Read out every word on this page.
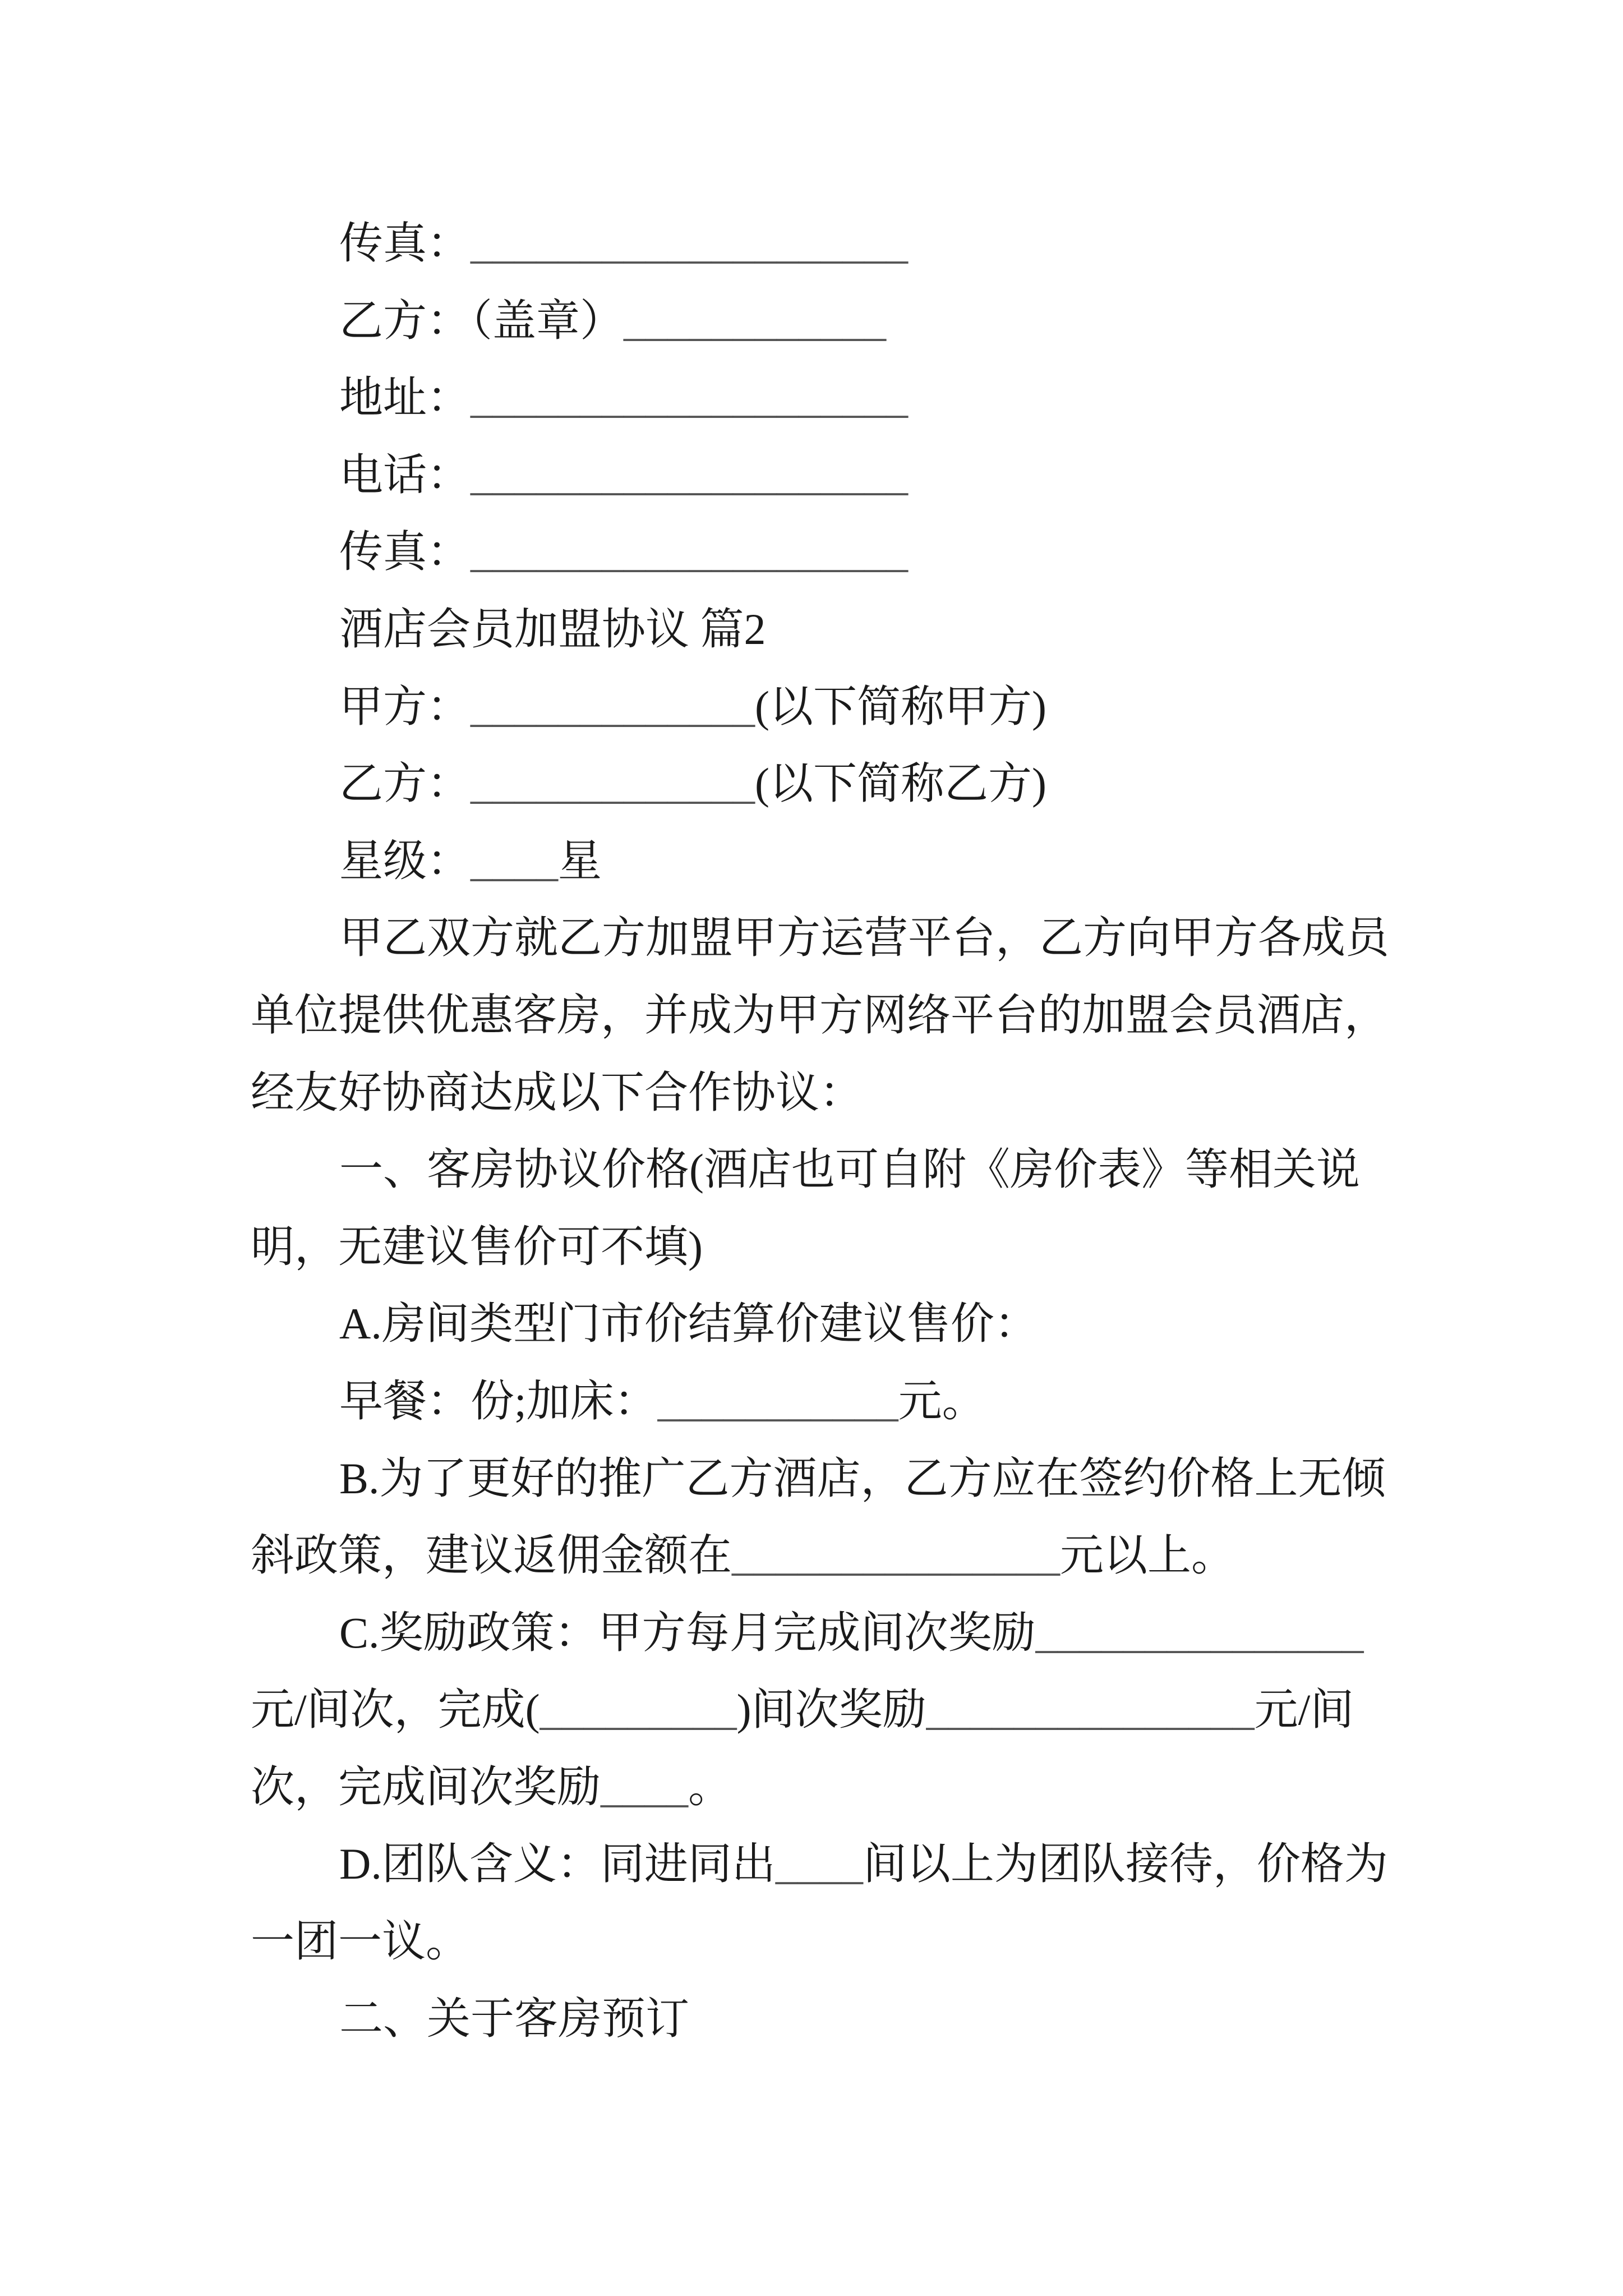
传真：____________________
乙方：（盖章）____________
地址：____________________
电话：____________________
传真：____________________
酒店会员加盟协议 篇2
甲方：_____________(以下简称甲方)
乙方：_____________(以下简称乙方)
星级：____星
甲乙双方就乙方加盟甲方运营平台，乙方向甲方各成员
单位提供优惠客房，并成为甲方网络平台的加盟会员酒店，
经友好协商达成以下合作协议：
一、客房协议价格(酒店也可自附《房价表》等相关说
明，无建议售价可不填)
A.房间类型门市价结算价建议售价：
早餐：份;加床：___________元。
B.为了更好的推广乙方酒店，乙方应在签约价格上无倾
斜政策，建议返佣金额在_______________元以上。
C.奖励政策：甲方每月完成间次奖励_______________
元/间次，完成(_________)间次奖励_______________元/间
次，完成间次奖励____。
D.团队含义：同进同出____间以上为团队接待，价格为
一团一议。
二、关于客房预订
